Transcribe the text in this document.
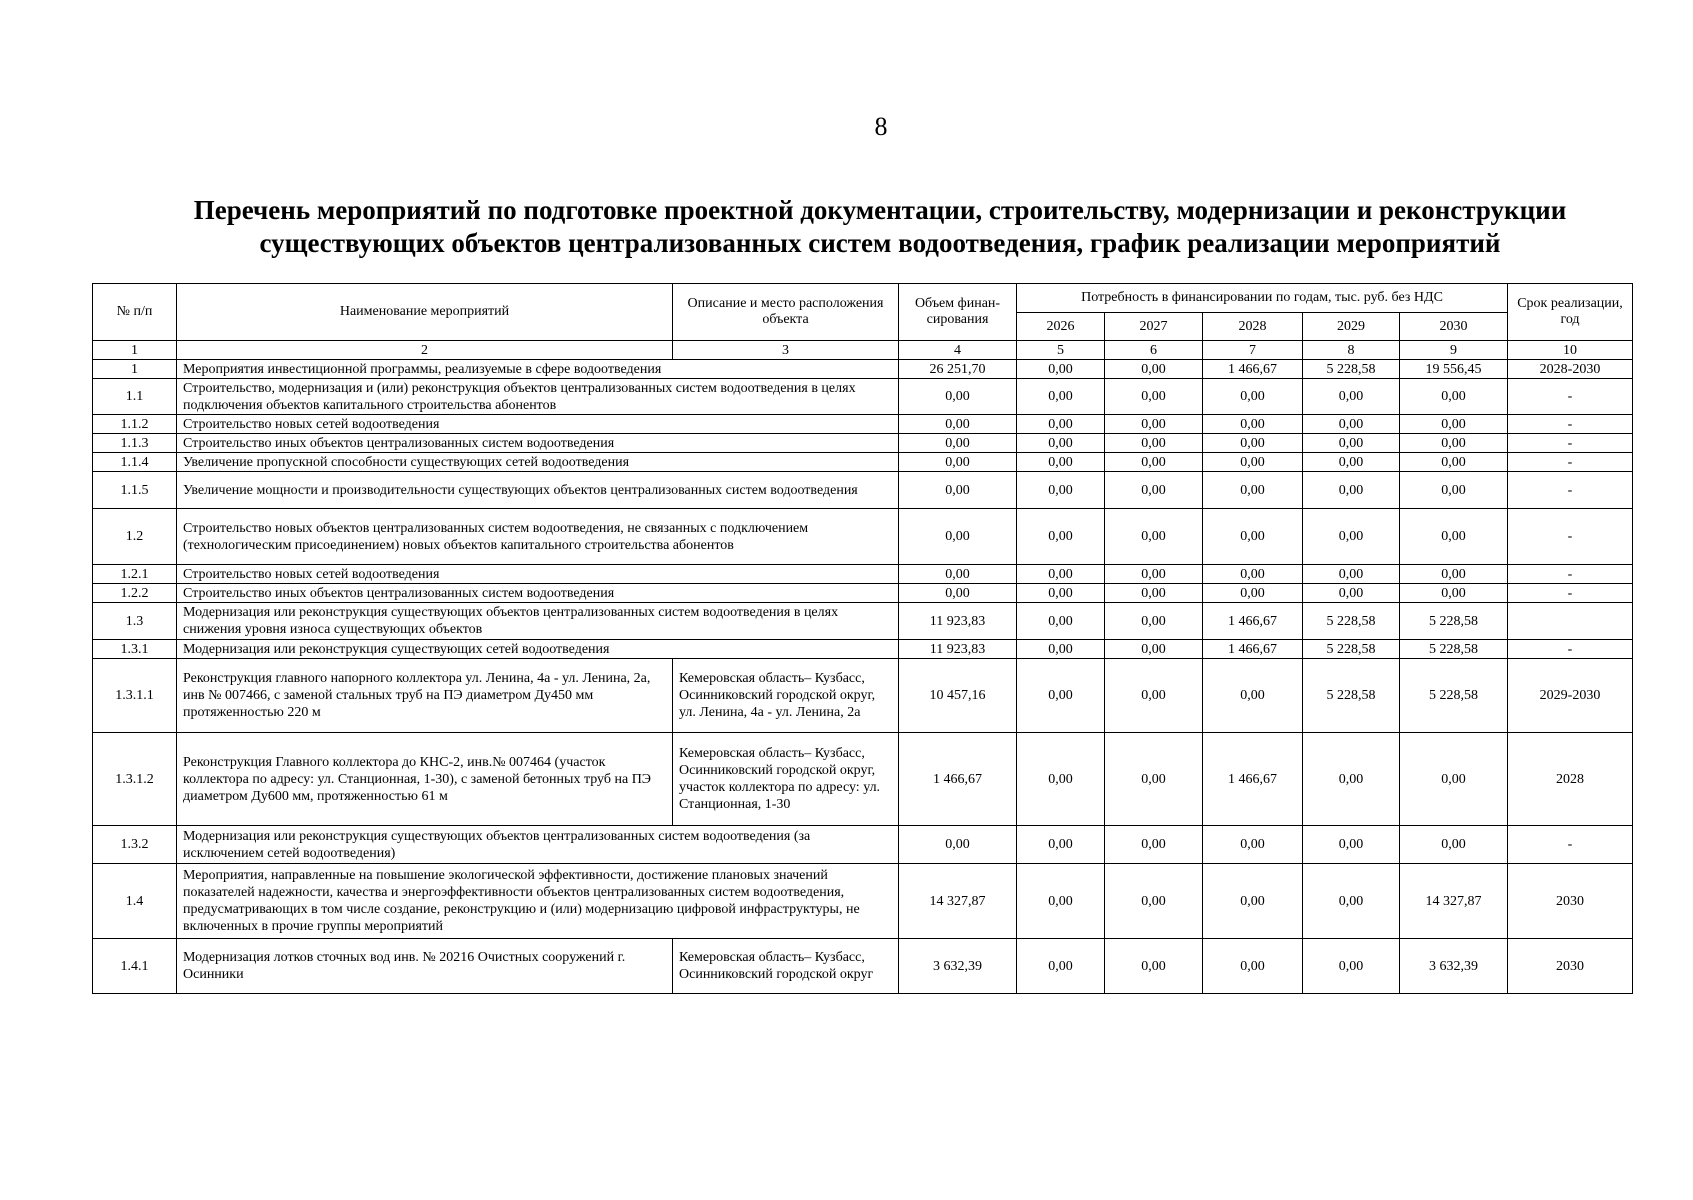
8
Перечень мероприятий по подготовке проектной документации, строительству, модернизации и реконструкции
существующих объектов централизованных систем водоотведения, график реализации мероприятий
№ п/п	Наименование мероприятий	Описание и место расположения объекта	Объем финан- сирования	Потребность в финансировании по годам, тыс. руб. без НДС					Срок реализации, год
				2026	2027	2028	2029	2030	
1	2	3	4	5	6	7	8	9	10
1	Мероприятия инвестиционной программы, реализуемые в сфере водоотведения		26 251,70	0,00	0,00	1 466,67	5 228,58	19 556,45	2028-2030
1.1	Строительство, модернизация и (или) реконструкция объектов централизованных систем водоотведения в целях подключения объектов капитального строительства абонентов		0,00	0,00	0,00	0,00	0,00	0,00	-
1.1.2	Строительство новых сетей водоотведения		0,00	0,00	0,00	0,00	0,00	0,00	-
1.1.3	Строительство иных объектов централизованных систем водоотведения		0,00	0,00	0,00	0,00	0,00	0,00	-
1.1.4	Увеличение пропускной способности существующих сетей водоотведения		0,00	0,00	0,00	0,00	0,00	0,00	-
1.1.5	Увеличение мощности и производительности существующих объектов централизованных систем водоотведения		0,00	0,00	0,00	0,00	0,00	0,00	-
1.2	Строительство новых объектов централизованных систем водоотведения, не связанных с подключением (технологическим присоединением) новых объектов капитального строительства абонентов		0,00	0,00	0,00	0,00	0,00	0,00	-
1.2.1	Строительство новых сетей водоотведения		0,00	0,00	0,00	0,00	0,00	0,00	-
1.2.2	Строительство иных объектов централизованных систем водоотведения		0,00	0,00	0,00	0,00	0,00	0,00	-
1.3	Модернизация или реконструкция существующих объектов централизованных систем водоотведения в целях снижения уровня износа существующих объектов		11 923,83	0,00	0,00	1 466,67	5 228,58	5 228,58	
1.3.1	Модернизация или реконструкция существующих сетей водоотведения		11 923,83	0,00	0,00	1 466,67	5 228,58	5 228,58	-
1.3.1.1	Реконструкция главного напорного коллектора ул. Ленина, 4а - ул. Ленина, 2а, инв № 007466, с заменой стальных труб на ПЭ диаметром Ду450 мм протяженностью 220 м	Кемеровская область– Кузбасс, Осинниковский городской округ, ул. Ленина, 4а - ул. Ленина, 2а	10 457,16	0,00	0,00	0,00	5 228,58	5 228,58	2029-2030
1.3.1.2	Реконструкция Главного коллектора до КНС-2, инв.№ 007464 (участок коллектора по адресу: ул. Станционная, 1-30), с заменой бетонных труб на ПЭ диаметром Ду600 мм, протяженностью 61 м	Кемеровская область– Кузбасс, Осинниковский городской округ, участок коллектора по адресу: ул. Станционная, 1-30	1 466,67	0,00	0,00	1 466,67	0,00	0,00	2028
1.3.2	Модернизация или реконструкция существующих объектов централизованных систем водоотведения (за исключением сетей водоотведения)		0,00	0,00	0,00	0,00	0,00	0,00	-
1.4	Мероприятия, направленные на повышение экологической эффективности, достижение плановых значений показателей надежности, качества и энергоэффективности объектов централизованных систем водоотведения, предусматривающих в том числе создание, реконструкцию и (или) модернизацию цифровой инфраструктуры, не включенных в прочие группы мероприятий		14 327,87	0,00	0,00	0,00	0,00	14 327,87	2030
1.4.1	Модернизация лотков сточных вод инв. № 20216 Очистных сооружений г. Осинники	Кемеровская область– Кузбасс, Осинниковский городской округ	3 632,39	0,00	0,00	0,00	0,00	3 632,39	2030
